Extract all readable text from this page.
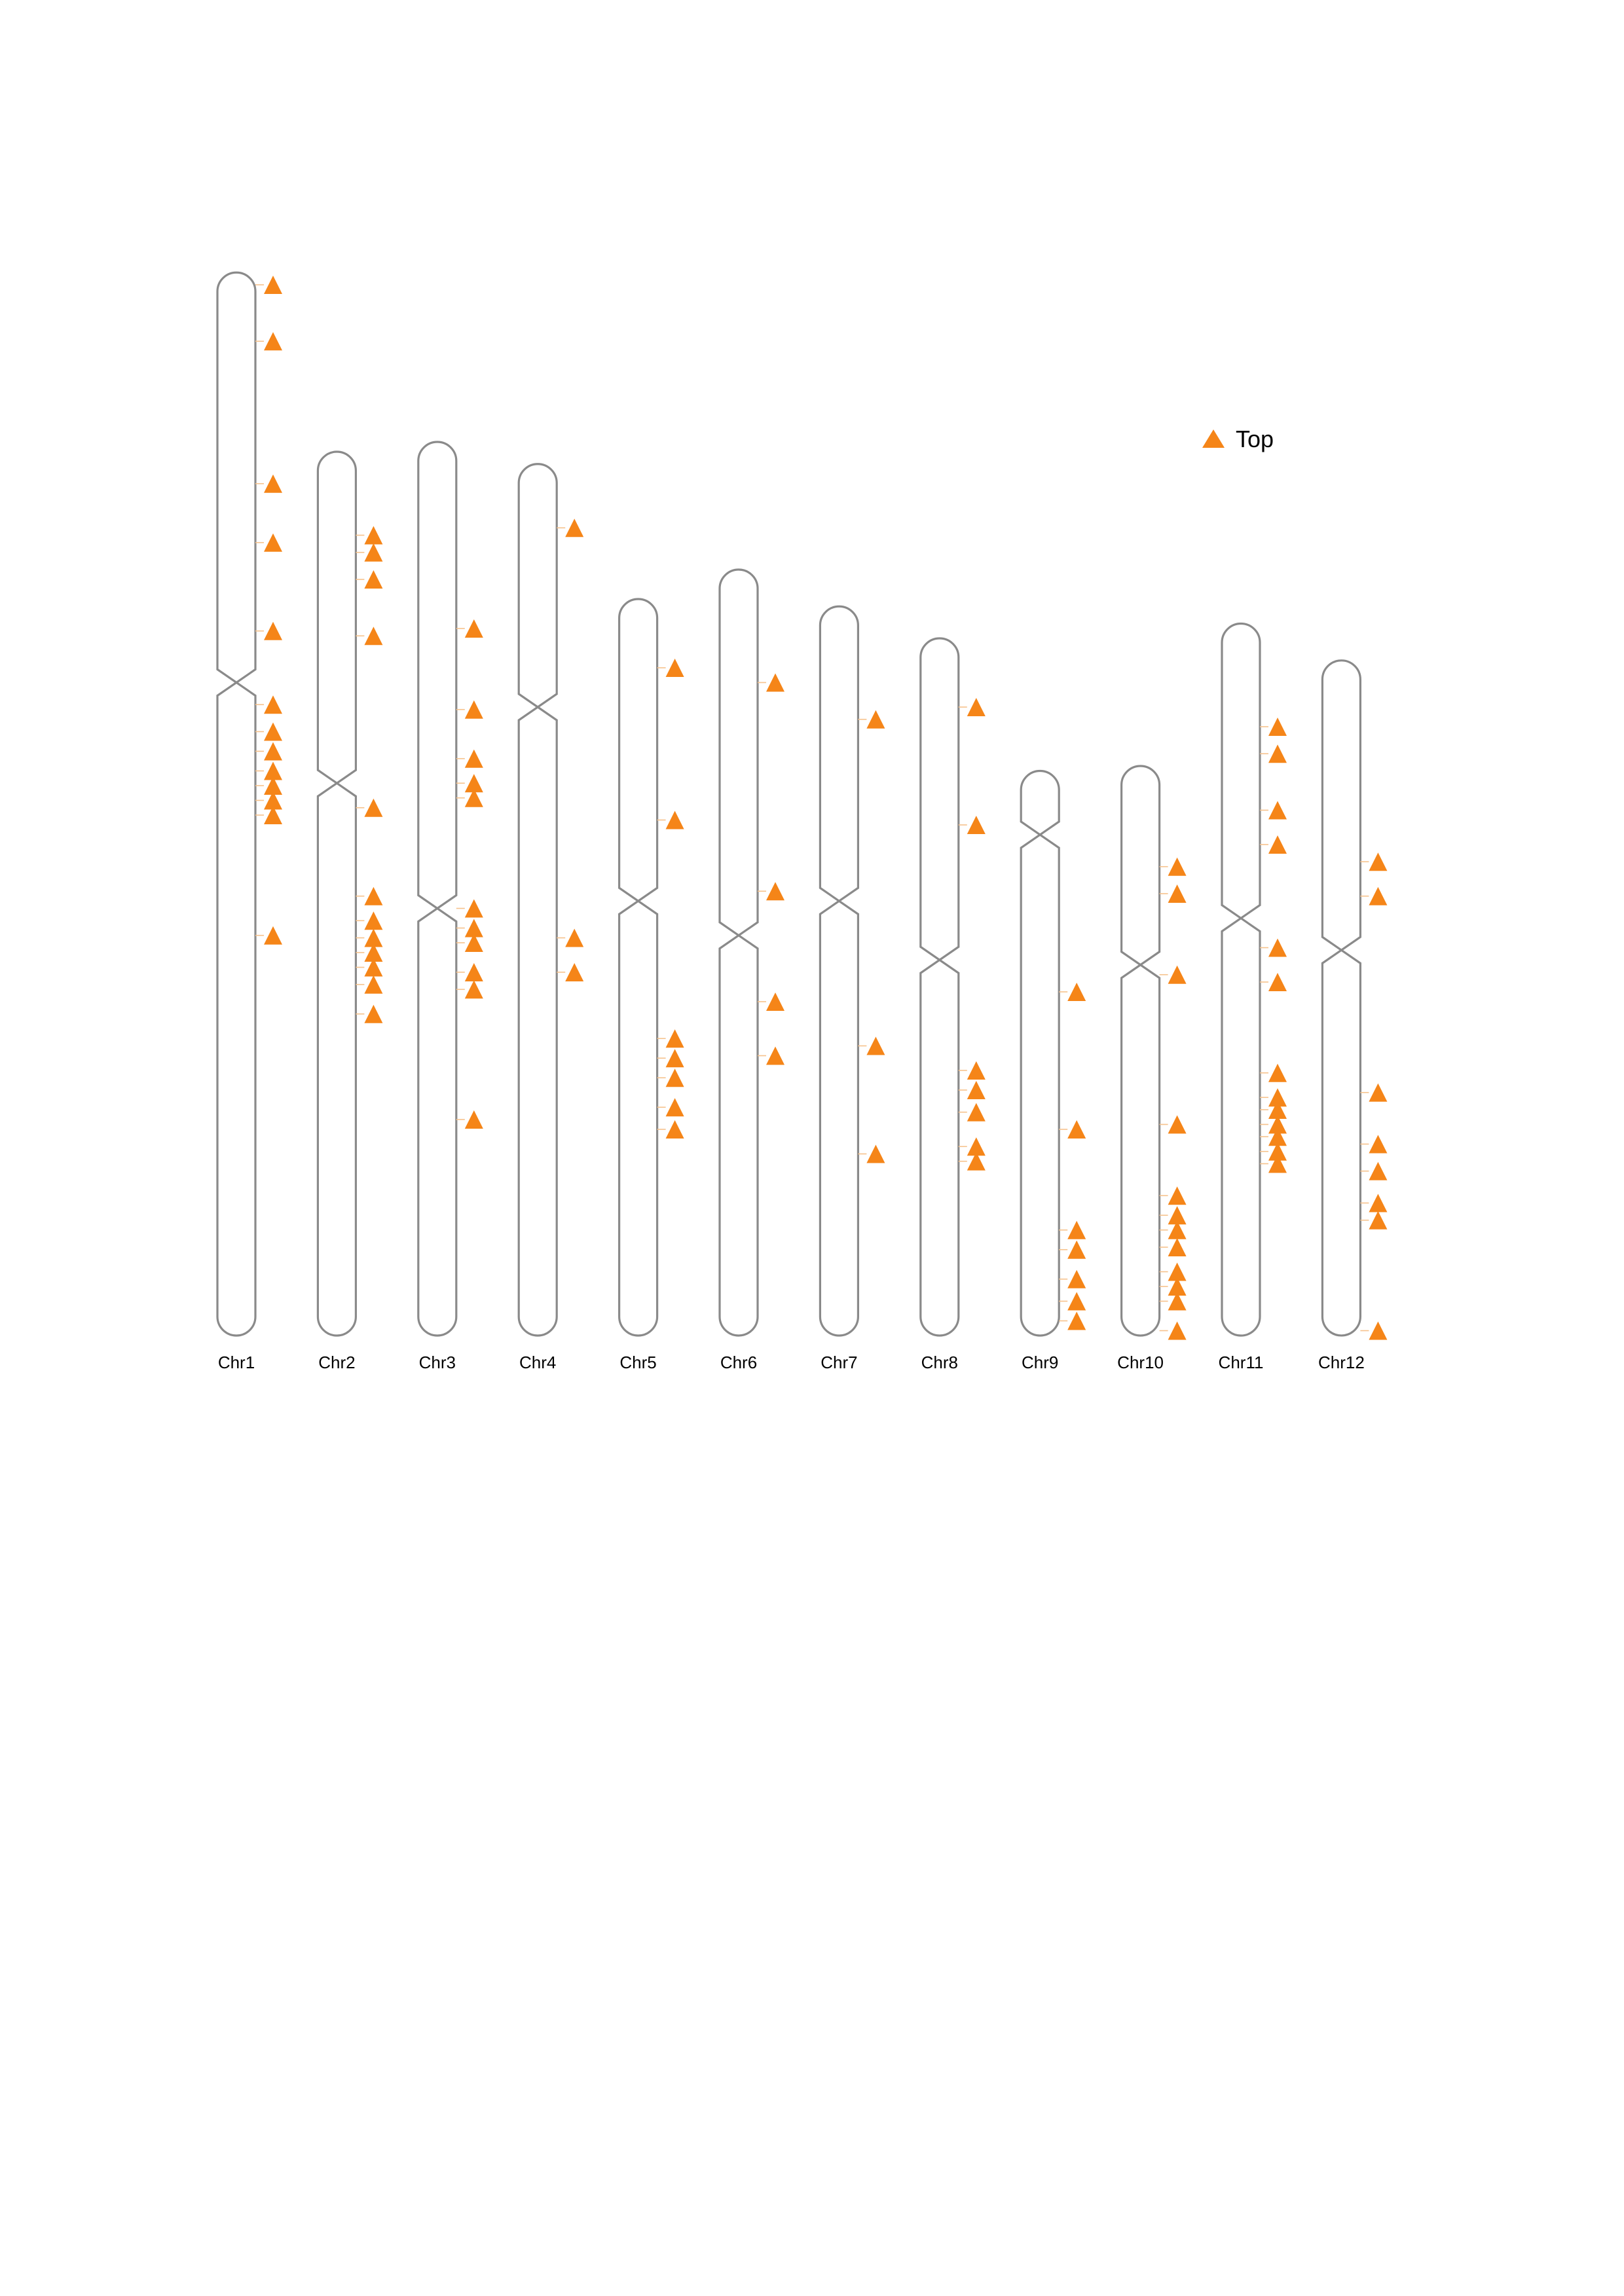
Chr1	Chr2	Chr3	Chr4	Chr5	Chr6	Chr7	Chr8	Chr9	Chr10	Chr11	Chr12
Top
